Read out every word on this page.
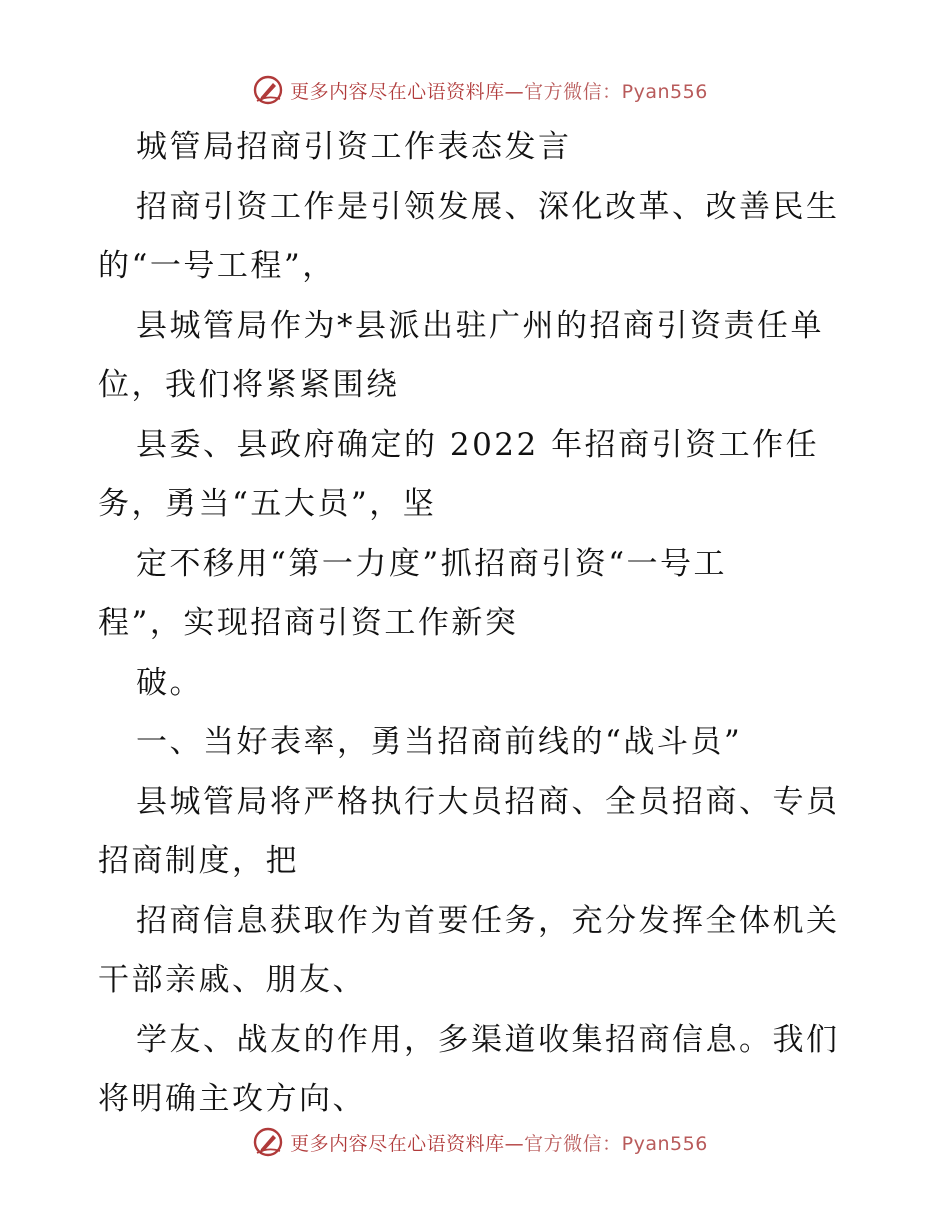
更多内容尽在心语资料库—官方微信：Pyan556
城管局招商引资工作表态发言
招商引资工作是引领发展、深化改革、改善民生
的“一号工程”，
县城管局作为*县派出驻广州的招商引资责任单
位，我们将紧紧围绕
县委、县政府确定的 2022 年招商引资工作任
务，勇当“五大员”，坚
定不移用“第一力度”抓招商引资“一号工
程”，实现招商引资工作新突
破。
一、当好表率，勇当招商前线的“战斗员”
县城管局将严格执行大员招商、全员招商、专员
招商制度，把
招商信息获取作为首要任务，充分发挥全体机关
干部亲戚、朋友、
学友、战友的作用，多渠道收集招商信息。我们
将明确主攻方向、
更多内容尽在心语资料库—官方微信：Pyan556
